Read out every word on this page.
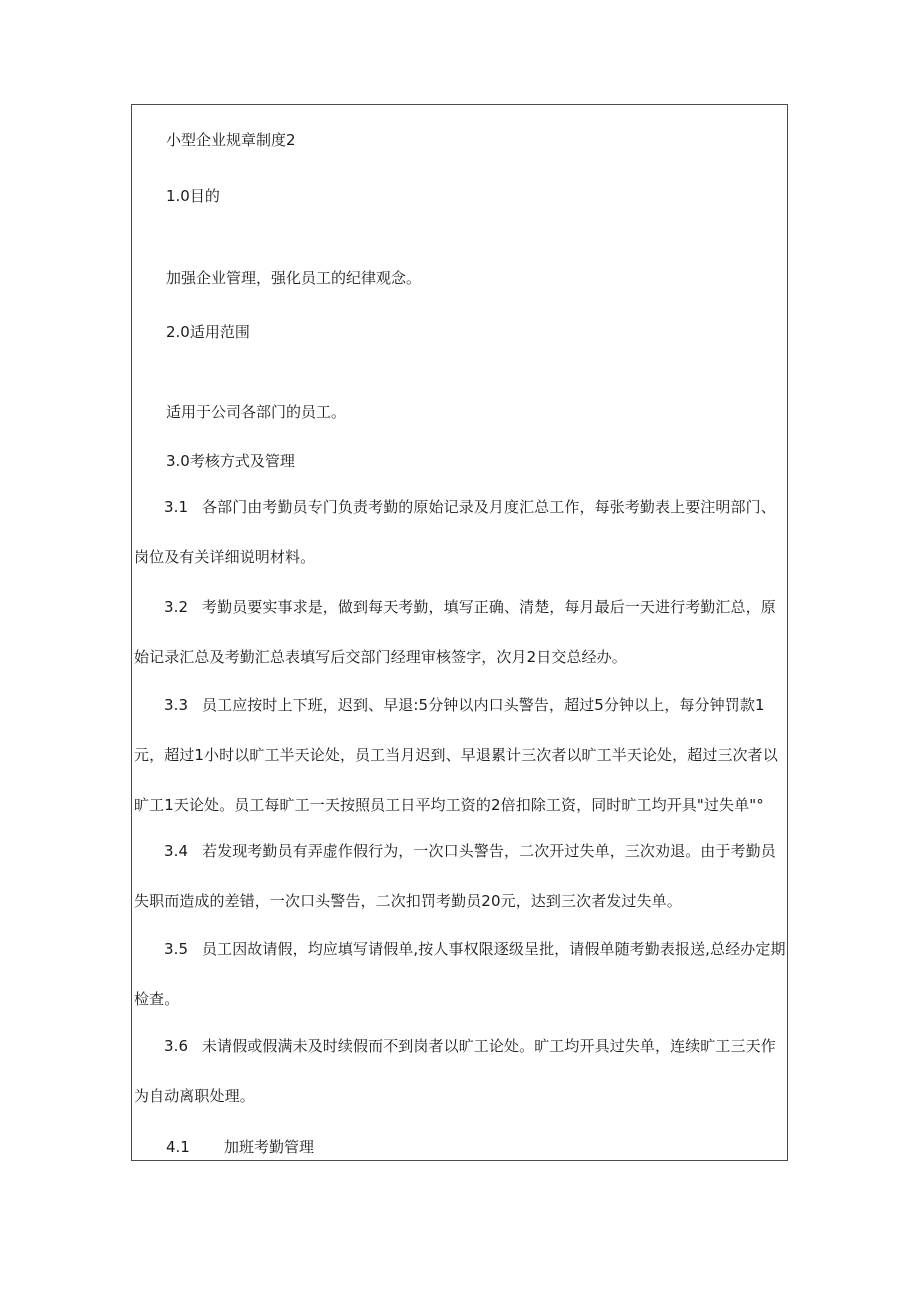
小型企业规章制度2
1.0目的
加强企业管理，强化员工的纪律观念。
2.0适用范围
适用于公司各部门的员工。
3.0考核方式及管理
3.1 各部门由考勤员专门负责考勤的原始记录及月度汇总工作，每张考勤表上要注明部门、岗位及有关详细说明材料。
3.2 考勤员要实事求是，做到每天考勤，填写正确、清楚，每月最后一天进行考勤汇总，原始记录汇总及考勤汇总表填写后交部门经理审核签字，次月2日交总经办。
3.3 员工应按时上下班，迟到、早退:5分钟以内口头警告，超过5分钟以上，每分钟罚款1元，超过1小时以旷工半天论处，员工当月迟到、早退累计三次者以旷工半天论处，超过三次者以旷工1天论处。员工每旷工一天按照员工日平均工资的2倍扣除工资，同时旷工均开具"过失单"°
3.4 若发现考勤员有弄虚作假行为，一次口头警告，二次开过失单，三次劝退。由于考勤员失职而造成的差错，一次口头警告，二次扣罚考勤员20元，达到三次者发过失单。
3.5 员工因故请假，均应填写请假单,按人事权限逐级呈批，请假单随考勤表报送,总经办定期检查。
3.6 未请假或假满未及时续假而不到岗者以旷工论处。旷工均开具过失单，连续旷工三天作为自动离职处理。
4.1 加班考勤管理
